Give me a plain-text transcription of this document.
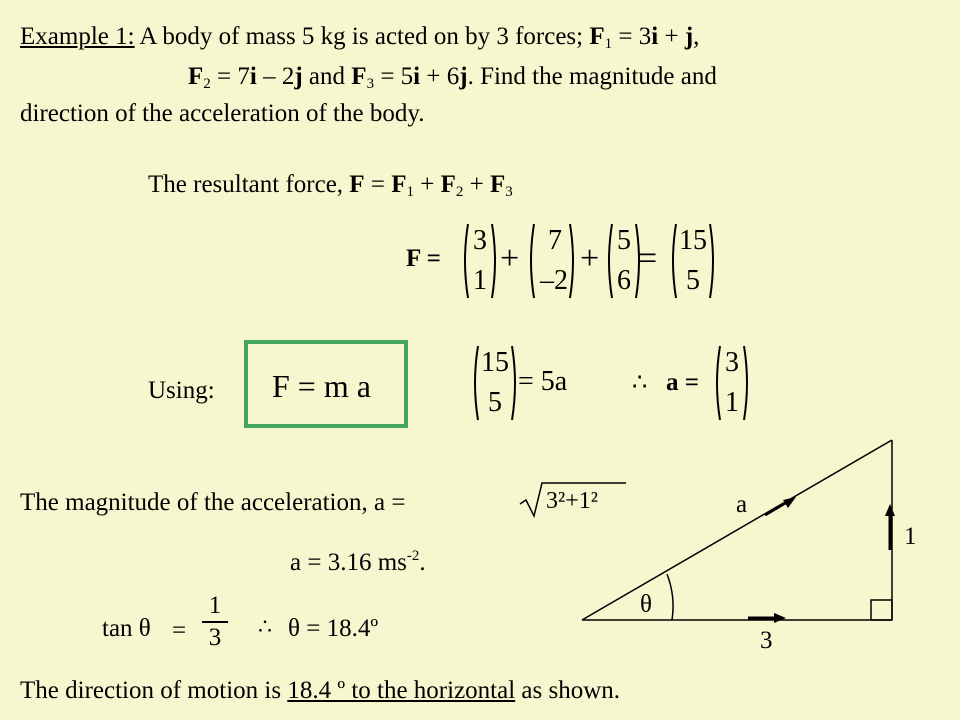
Example 1: A body of mass 5 kg is acted on by 3 forces; $F_1 = 3i + j$,
$F_2 = 7i - 2j$ and $F_3 = 5i + 6j$. Find the magnitude and
direction of the acceleration of the body.
The resultant force, $F = F_1 + F_2 + F_3$
F =
3
1
+ 7
–2
+ 5
6
= 15
5
Using: F = m a
15
5
= 5a	∴ a =
3
1
The magnitude of the acceleration, a =	3²+1²
a = 3.16 $ms^{-2}$.
tan θ =
1
3	∴ θ = 18.4º
The direction of motion is 18.4 º to the horizontal as shown.
a
1
3
θ
